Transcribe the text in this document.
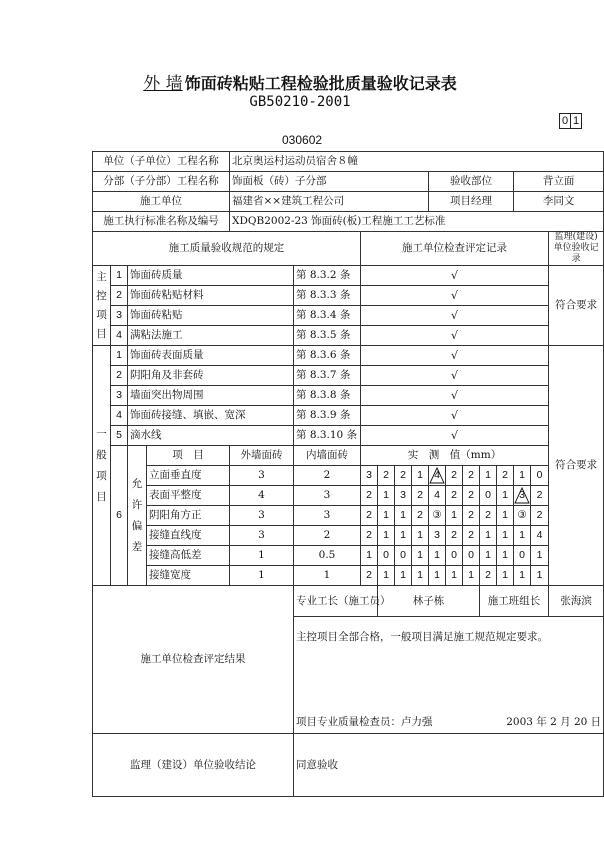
外 墙 饰面砖粘贴工程检验批质量验收记录表
GB50210-2001
0 1
030602
单位（子单位）工程名称				北京奥运村运动员宿舍８幢													
分部（子分部）工程名称				饰面板（砖）子分部						验收部位					背立面		
施工单位				福建省××建筑工程公司						项目经理					李同文		
施工执行标准名称及编号				XDQB2002-23 饰面砖(板)工程施工工艺标准													
施工质量验收规范的规定						施工单位检查评定记录											监理(建设)单位验收记录
主控项目	1	饰面砖质量			第 8.3.2 条	√											符合要求
	2	饰面砖粘贴材料			第 8.3.3 条	√											
	3	饰面砖粘贴			第 8.3.4 条	√											
	4	满粘法施工			第 8.3.5 条	√											
一般项目	1	饰面砖表面质量			第 8.3.6 条	√											符合要求
	2	阴阳角及非套砖			第 8.3.7 条	√											
	3	墙面突出物周围			第 8.3.8 条	√											
	4	饰面砖接缝、填嵌、宽深			第 8.3.9 条	√											
	5	滴水线			第 8.3.10 条	√											
	6	允许偏差	项　目	外墙面砖	内墙面砖	实　测　值（mm）											
			立面垂直度	3	2	3	2	2	1	4	2	2	1	2	1	0	
			表面平整度	4	3	2	1	3	2	4	2	2	0	1	3	2	
			阴阳角方正	3	3	2	1	1	2	③	1	2	2	1	③	2	
			接缝直线度	3	2	2	1	1	1	3	2	2	1	1	1	4	
			接缝高低差	1	0.5	1	0	0	1	1	0	0	1	1	0	1	
			接缝宽度	1	1	2	1	1	1	1	1	1	2	1	1	1	
施工单位检查评定结果					专业工长（施工员）		林子栋						施工班组长				张海滨
					主控项目全部合格，一般项目满足施工规范规定要求。												

					项目专业质量检查员：卢力强 2003 年 2 月 20 日												

监理（建设）单位验收结论					同意验收												
